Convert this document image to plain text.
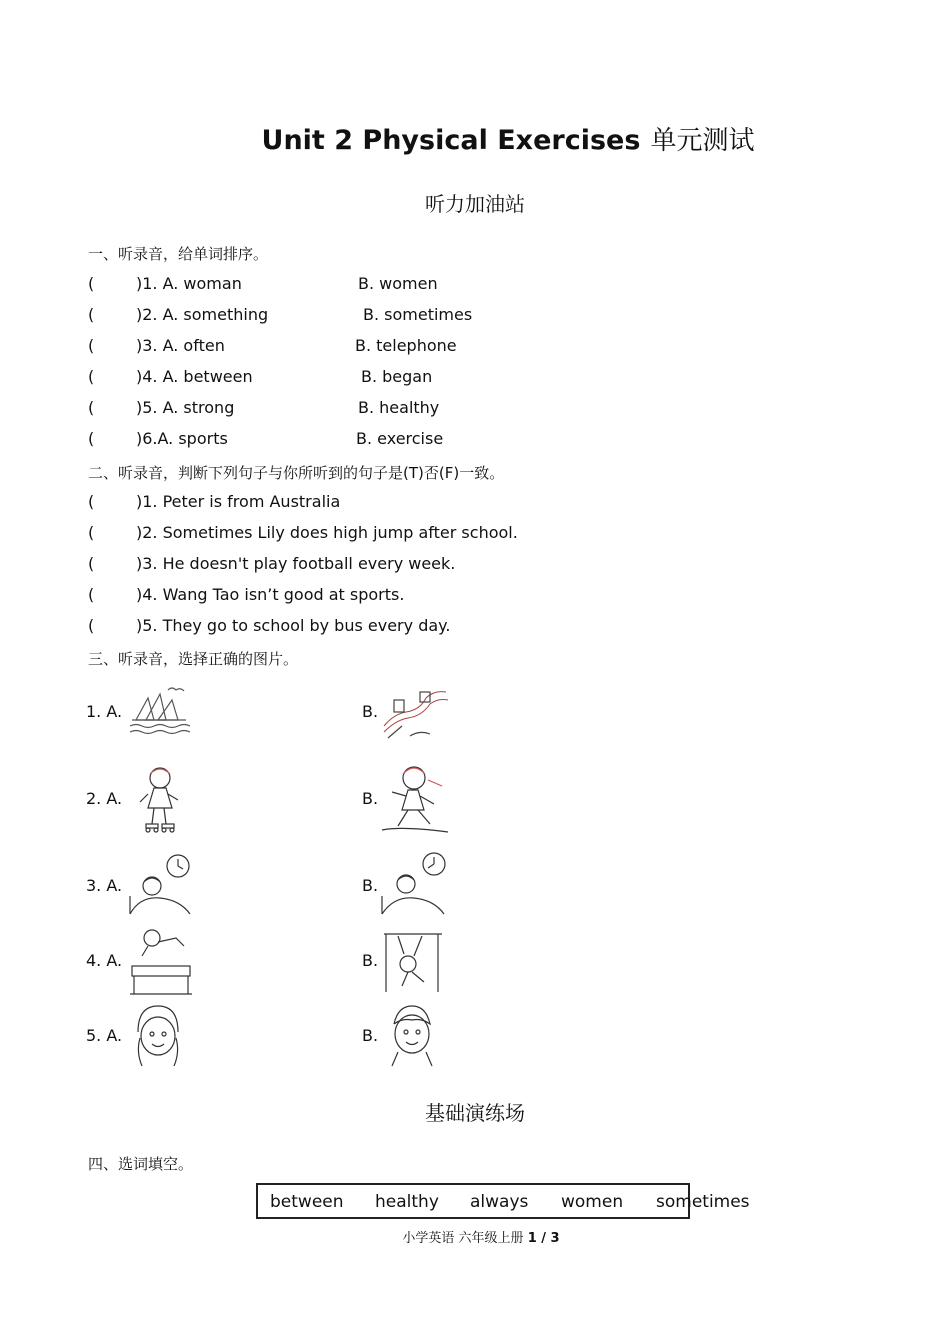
Unit 2 Physical Exercises 单元测试
听力加油站
一、听录音，给单词排序。
(	)1. A. woman	B. women
(	)2. A. something	B. sometimes
(	)3. A. often	B. telephone
(	)4. A. between	B. began
(	)5. A. strong	B. healthy
(	)6.A. sports	B. exercise
二、听录音，判断下列句子与你所听到的句子是(T)否(F)一致。
(	)1. Peter is from Australia
(	)2. Sometimes Lily does high jump after school.
(	)3. He doesn't play football every week.
(	)4. Wang Tao isn’t good at sports.
(	)5. They go to school by bus every day.
三、听录音，选择正确的图片。
1. A.	B.
2. A.	B.
3. A.	B.
4. A.	B.
5. A.	B.
基础演练场
四、选词填空。
between healthy always women sometimes
小学英语 六年级上册 1 / 3
